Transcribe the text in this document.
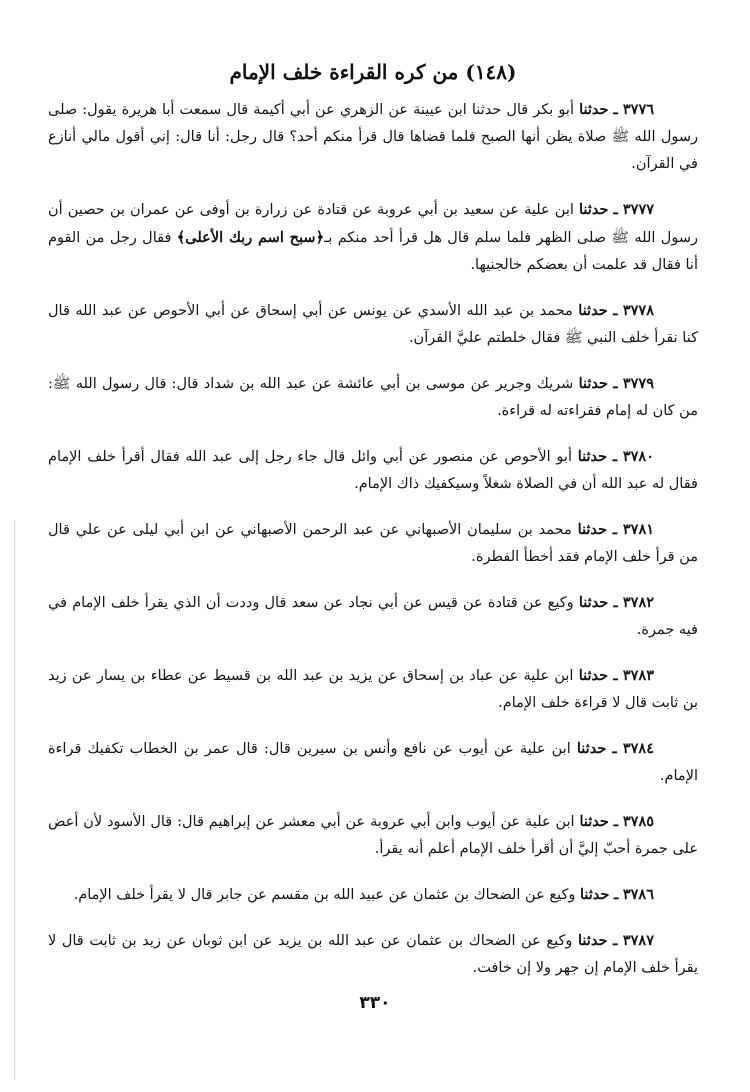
(١٤٨) من كره القراءة خلف الإمام

٣٧٧٦ ـ حدثنا أبو بكر قال حدثنا ابن عيينة عن الزهري عن أبي أكيمة قال سمعت أبا هريرة يقول: صلى رسول الله ﷺ صلاة يظن أنها الصبح فلما قضاها قال قرأ منكم أحد؟ قال رجل: أنا قال: إني أقول مالي أنازع في القرآن.

٣٧٧٧ ـ حدثنا ابن علية عن سعيد بن أبي عروبة عن قتادة عن زرارة بن أوفى عن عمران بن حصين أن رسول الله ﷺ صلى الظهر فلما سلم قال هل قرأ أحد منكم بـ﴿سبح اسم ربك الأعلى﴾ فقال رجل من القوم أنا فقال قد علمت أن بعضكم خالجنيها.

٣٧٧٨ ـ حدثنا محمد بن عبد الله الأسدي عن يونس عن أبي إسحاق عن أبي الأحوص عن عبد الله قال كنا نقرأ خلف النبي ﷺ فقال خلطتم عليَّ القرآن.

٣٧٧٩ ـ حدثنا شريك وجرير عن موسى بن أبي عائشة عن عبد الله بن شداد قال: قال رسول الله ﷺ: من كان له إمام فقراءته له قراءة.

٣٧٨٠ ـ حدثنا أبو الأحوص عن منصور عن أبي وائل قال جاء رجل إلى عبد الله فقال أقرأ خلف الإمام فقال له عبد الله أن في الصلاة شغلاً وسيكفيك ذاك الإمام.

٣٧٨١ ـ حدثنا محمد بن سليمان الأصبهاني عن عبد الرحمن الأصبهاني عن ابن أبي ليلى عن علي قال من قرأ خلف الإمام فقد أخطأ الفطرة.

٣٧٨٢ ـ حدثنا وكيع عن قتادة عن قيس عن أبي نجاد عن سعد قال وددت أن الذي يقرأ خلف الإمام في فيه جمرة.

٣٧٨٣ ـ حدثنا ابن علية عن عباد بن إسحاق عن يزيد بن عبد الله بن قسيط عن عطاء بن يسار عن زيد بن ثابت قال لا قراءة خلف الإمام.

٣٧٨٤ ـ حدثنا ابن علية عن أيوب عن نافع وأنس بن سيرين قال: قال عمر بن الخطاب تكفيك قراءة الإمام.

٣٧٨٥ ـ حدثنا ابن علية عن أيوب وابن أبي عروبة عن أبي معشر عن إبراهيم قال: قال الأسود لأن أعض على جمرة أحبّ إليَّ أن أقرأ خلف الإمام أعلم أنه يقرأ.

٣٧٨٦ ـ حدثنا وكيع عن الضحاك بن عثمان عن عبيد الله بن مقسم عن جابر قال لا يقرأ خلف الإمام.

٣٧٨٧ ـ حدثنا وكيع عن الضحاك بن عثمان عن عبد الله بن يزيد عن ابن ثوبان عن زيد بن ثابت قال لا يقرأ خلف الإمام إن جهر ولا إن خافت.

٣٣٠
